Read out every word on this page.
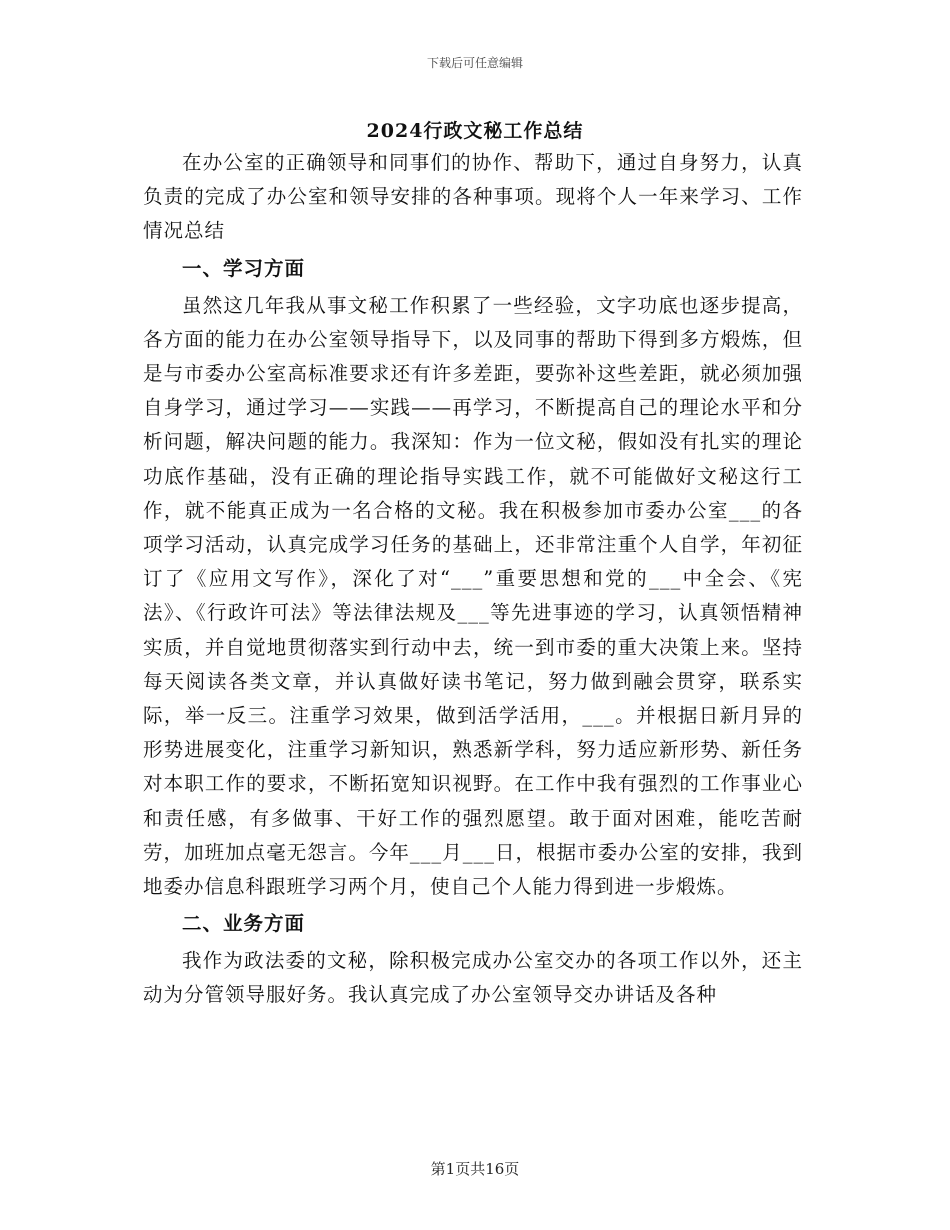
下载后可任意编辑
2024行政文秘工作总结

在办公室的正确领导和同事们的协作、帮助下，通过自身努力，认真负责的完成了办公室和领导安排的各种事项。现将个人一年来学习、工作情况总结

一、学习方面

虽然这几年我从事文秘工作积累了一些经验，文字功底也逐步提高，各方面的能力在办公室领导指导下，以及同事的帮助下得到多方煅炼，但是与市委办公室高标准要求还有许多差距，要弥补这些差距，就必须加强自身学习，通过学习——实践——再学习，不断提高自己的理论水平和分析问题，解决问题的能力。我深知：作为一位文秘，假如没有扎实的理论功底作基础，没有正确的理论指导实践工作，就不可能做好文秘这行工作，就不能真正成为一名合格的文秘。我在积极参加市委办公室___的各项学习活动，认真完成学习任务的基础上，还非常注重个人自学，年初征订了《应用文写作》，深化了对“___”重要思想和党的___中全会、《宪法》、《行政许可法》等法律法规及___等先进事迹的学习，认真领悟精神实质，并自觉地贯彻落实到行动中去，统一到市委的重大决策上来。坚持每天阅读各类文章，并认真做好读书笔记，努力做到融会贯穿，联系实际，举一反三。注重学习效果，做到活学活用，___。并根据日新月异的形势进展变化，注重学习新知识，熟悉新学科，努力适应新形势、新任务对本职工作的要求，不断拓宽知识视野。在工作中我有强烈的工作事业心和责任感，有多做事、干好工作的强烈愿望。敢于面对困难，能吃苦耐劳，加班加点毫无怨言。今年___月___日，根据市委办公室的安排，我到地委办信息科跟班学习两个月，使自己个人能力得到进一步煅炼。

二、业务方面

我作为政法委的文秘，除积极完成办公室交办的各项工作以外，还主动为分管领导服好务。我认真完成了办公室领导交办讲话及各种

第1页共16页
